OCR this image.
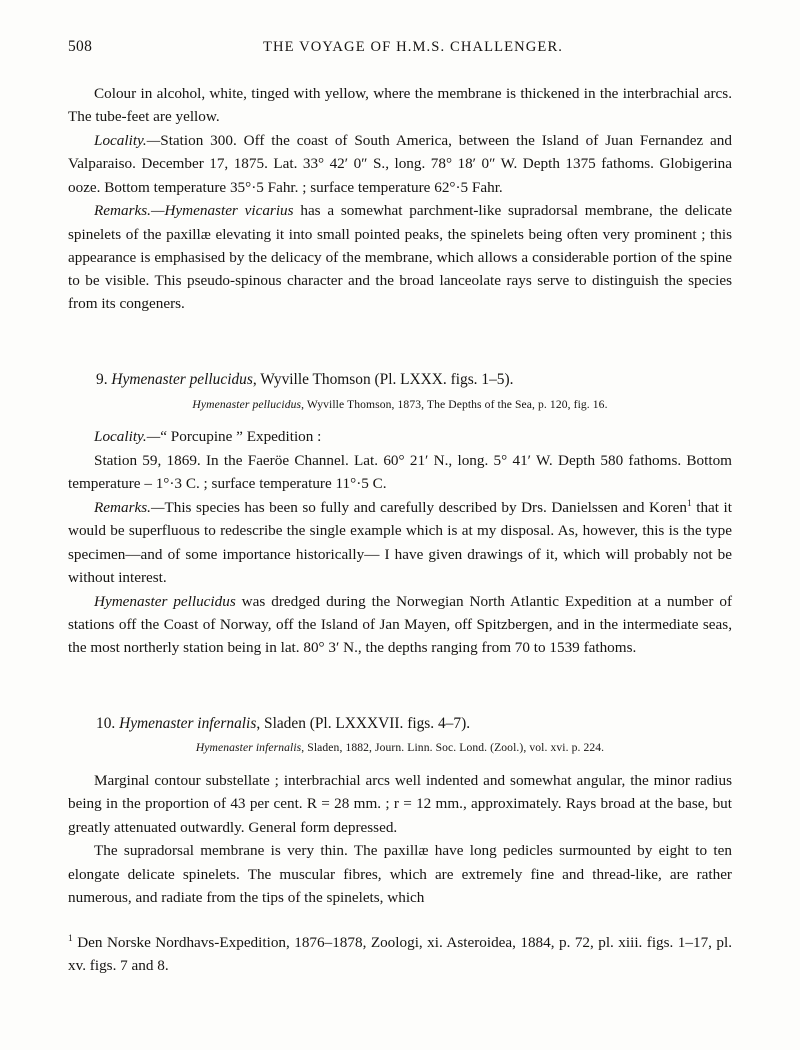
508	THE VOYAGE OF H.M.S. CHALLENGER.

Colour in alcohol, white, tinged with yellow, where the membrane is thickened in the interbrachial arcs. The tube-feet are yellow.

Locality.—Station 300. Off the coast of South America, between the Island of Juan Fernandez and Valparaiso. December 17, 1875. Lat. 33° 42′ 0″ S., long. 78° 18′ 0″ W. Depth 1375 fathoms. Globigerina ooze. Bottom temperature 35°·5 Fahr. ; surface temperature 62°·5 Fahr.

Remarks.—Hymenaster vicarius has a somewhat parchment-like supradorsal membrane, the delicate spinelets of the paxillæ elevating it into small pointed peaks, the spinelets being often very prominent ; this appearance is emphasised by the delicacy of the membrane, which allows a considerable portion of the spine to be visible. This pseudo-spinous character and the broad lanceolate rays serve to distinguish the species from its congeners.

9. Hymenaster pellucidus, Wyville Thomson (Pl. LXXX. figs. 1–5).

Hymenaster pellucidus, Wyville Thomson, 1873, The Depths of the Sea, p. 120, fig. 16.

Locality.—“ Porcupine ” Expedition :

Station 59, 1869. In the Faeröe Channel. Lat. 60° 21′ N., long. 5° 41′ W. Depth 580 fathoms. Bottom temperature – 1°·3 C. ; surface temperature 11°·5 C.

Remarks.—This species has been so fully and carefully described by Drs. Danielssen and Koren$^1$ that it would be superfluous to redescribe the single example which is at my disposal. As, however, this is the type specimen—and of some importance historically— I have given drawings of it, which will probably not be without interest.

Hymenaster pellucidus was dredged during the Norwegian North Atlantic Expedition at a number of stations off the Coast of Norway, off the Island of Jan Mayen, off Spitzbergen, and in the intermediate seas, the most northerly station being in lat. 80° 3′ N., the depths ranging from 70 to 1539 fathoms.

10. Hymenaster infernalis, Sladen (Pl. LXXXVII. figs. 4–7).

Hymenaster infernalis, Sladen, 1882, Journ. Linn. Soc. Lond. (Zool.), vol. xvi. p. 224.

Marginal contour substellate ; interbrachial arcs well indented and somewhat angular, the minor radius being in the proportion of 43 per cent. R = 28 mm. ; r = 12 mm., approximately. Rays broad at the base, but greatly attenuated outwardly. General form depressed.

The supradorsal membrane is very thin. The paxillæ have long pedicles surmounted by eight to ten elongate delicate spinelets. The muscular fibres, which are extremely fine and thread-like, are rather numerous, and radiate from the tips of the spinelets, which

$^1$ Den Norske Nordhavs-Expedition, 1876–1878, Zoologi, xi. Asteroidea, 1884, p. 72, pl. xiii. figs. 1–17, pl. xv. figs. 7 and 8.
